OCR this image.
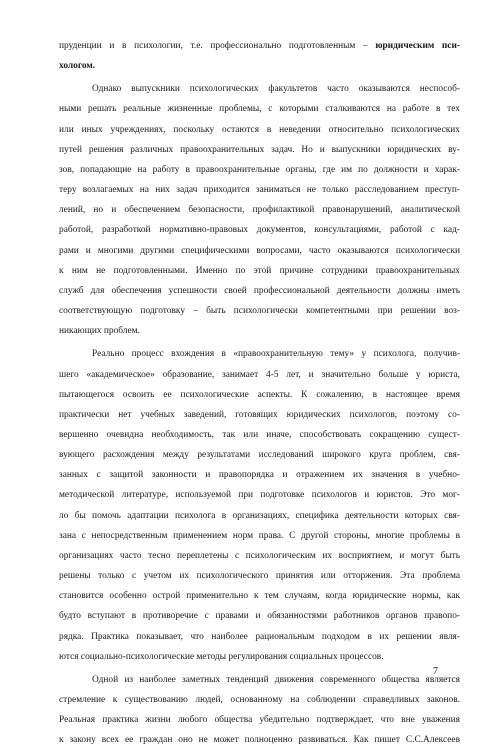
пруденции и в психологии, т.е. профессионально подготовленным – юридическим пси-
хологом.

Однако выпускники психологических факультетов часто оказываются неспособ-
ными решать реальные жизненные проблемы, с которыми сталкиваются на работе в тех
или иных учреждениях, поскольку остаются в неведении относительно психологических
путей решения различных правоохранительных задач. Но и выпускники юридических ву-
зов, попадающие на работу в правоохранительные органы, где им по должности и харак-
теру возлагаемых на них задач приходится заниматься не только расследованием преступ-
лений, но и обеспечением безопасности, профилактикой правонарушений, аналитической
работой, разработкой нормативно-правовых документов, консультациями, работой с кад-
рами и многими другими специфическими вопросами, часто оказываются психологически
к ним не подготовленными. Именно по этой причине сотрудники правоохранительных
служб для обеспечения успешности своей профессиональной деятельности должны иметь
соответствующую подготовку – быть психологически компетентными при решении воз-
никающих проблем.

Реально процесс вхождения в «правоохранительную тему» у психолога, получив-
шего «академическое» образование, занимает 4-5 лет, и значительно больше у юриста,
пытающегося освоить ее психологические аспекты. К сожалению, в настоящее время
практически нет учебных заведений, готовящих юридических психологов, поэтому со-
вершенно очевидна необходимость, так или иначе, способствовать сокращению сущест-
вующего расхождения между результатами исследований широкого круга проблем, свя-
занных с защитой законности и правопорядка и отражением их значения в учебно-
методической литературе, используемой при подготовке психологов и юристов. Это мог-
ло бы помочь адаптации психолога в организациях, специфика деятельности которых свя-
зана с непосредственным применением норм права. С другой стороны, многие проблемы в
организациях часто тесно переплетены с психологическим их восприятием, и могут быть
решены только с учетом их психологического принятия или отторжения. Эта проблема
становится особенно острой применительно к тем случаям, когда юридические нормы, как
будто вступают в противоречие с правами и обязанностями работников органов правопо-
рядка. Практика показывает, что наиболее рациональным подходом в их решении явля-
ются социально-психологические методы регулирования социальных процессов.

Одной из наиболее заметных тенденций движения современного общества является
стремление к существованию людей, основанному на соблюдении справедливых законов.
Реальная практика жизни любого общества убедительно подтверждает, что вне уважения
к закону всех ее граждан оно не может полноценно развиваться. Как пишет С.С.Алексеев

7
